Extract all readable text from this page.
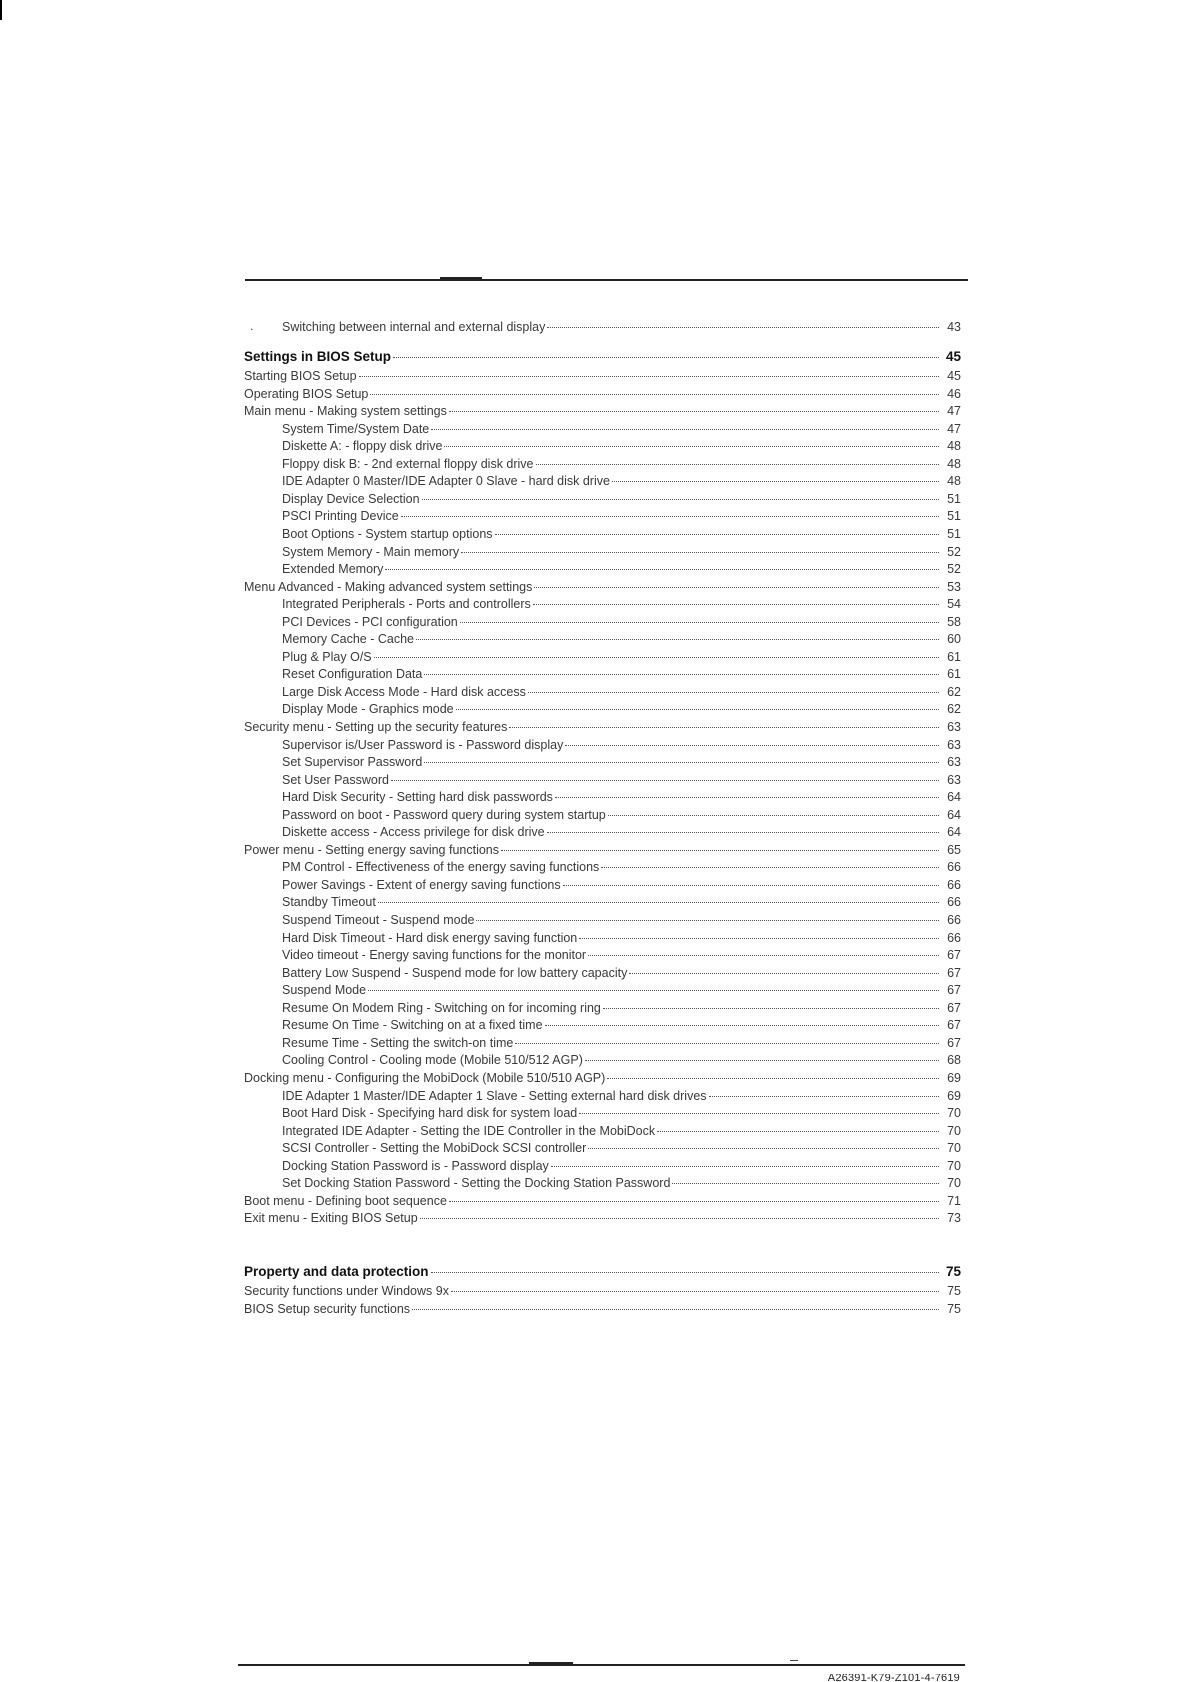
Switching between internal and external display	43
.
Settings in BIOS Setup	45
Starting BIOS Setup	45
Operating BIOS Setup	46
Main menu - Making system settings	47
System Time/System Date	47
Diskette A: - floppy disk drive	48
Floppy disk B: - 2nd external floppy disk drive	48
IDE Adapter 0 Master/IDE Adapter 0 Slave - hard disk drive	48
Display Device Selection	51
PSCI Printing Device	51
Boot Options - System startup options	51
System Memory - Main memory	52
Extended Memory	52
Menu Advanced - Making advanced system settings	53
Integrated Peripherals - Ports and controllers	54
PCI Devices - PCI configuration	58
Memory Cache - Cache	60
Plug & Play O/S	61
Reset Configuration Data	61
Large Disk Access Mode - Hard disk access	62
Display Mode - Graphics mode	62
Security menu - Setting up the security features	63
Supervisor is/User Password is - Password display	63
Set Supervisor Password	63
Set User Password	63
Hard Disk Security - Setting hard disk passwords	64
Password on boot - Password query during system startup	64
Diskette access - Access privilege for disk drive	64
Power menu - Setting energy saving functions	65
PM Control - Effectiveness of the energy saving functions	66
Power Savings - Extent of energy saving functions	66
Standby Timeout	66
Suspend Timeout - Suspend mode	66
Hard Disk Timeout - Hard disk energy saving function	66
Video timeout - Energy saving functions for the monitor	67
Battery Low Suspend - Suspend mode for low battery capacity	67
Suspend Mode	67
Resume On Modem Ring - Switching on for incoming ring	67
Resume On Time - Switching on at a fixed time	67
Resume Time - Setting the switch-on time	67
Cooling Control - Cooling mode (Mobile 510/512 AGP)	68
Docking menu - Configuring the MobiDock (Mobile 510/510 AGP)	69
IDE Adapter 1 Master/IDE Adapter 1 Slave - Setting external hard disk drives	69
Boot Hard Disk - Specifying hard disk for system load	70
Integrated IDE Adapter - Setting the IDE Controller in the MobiDock	70
SCSI Controller - Setting the MobiDock SCSI controller	70
Docking Station Password is - Password display	70
Set Docking Station Password - Setting the Docking Station Password	70
Boot menu - Defining boot sequence	71
Exit menu - Exiting BIOS Setup	73
Property and data protection	75
Security functions under Windows 9x	75
BIOS Setup security functions	75
A26391-K79-Z101-4-7619
